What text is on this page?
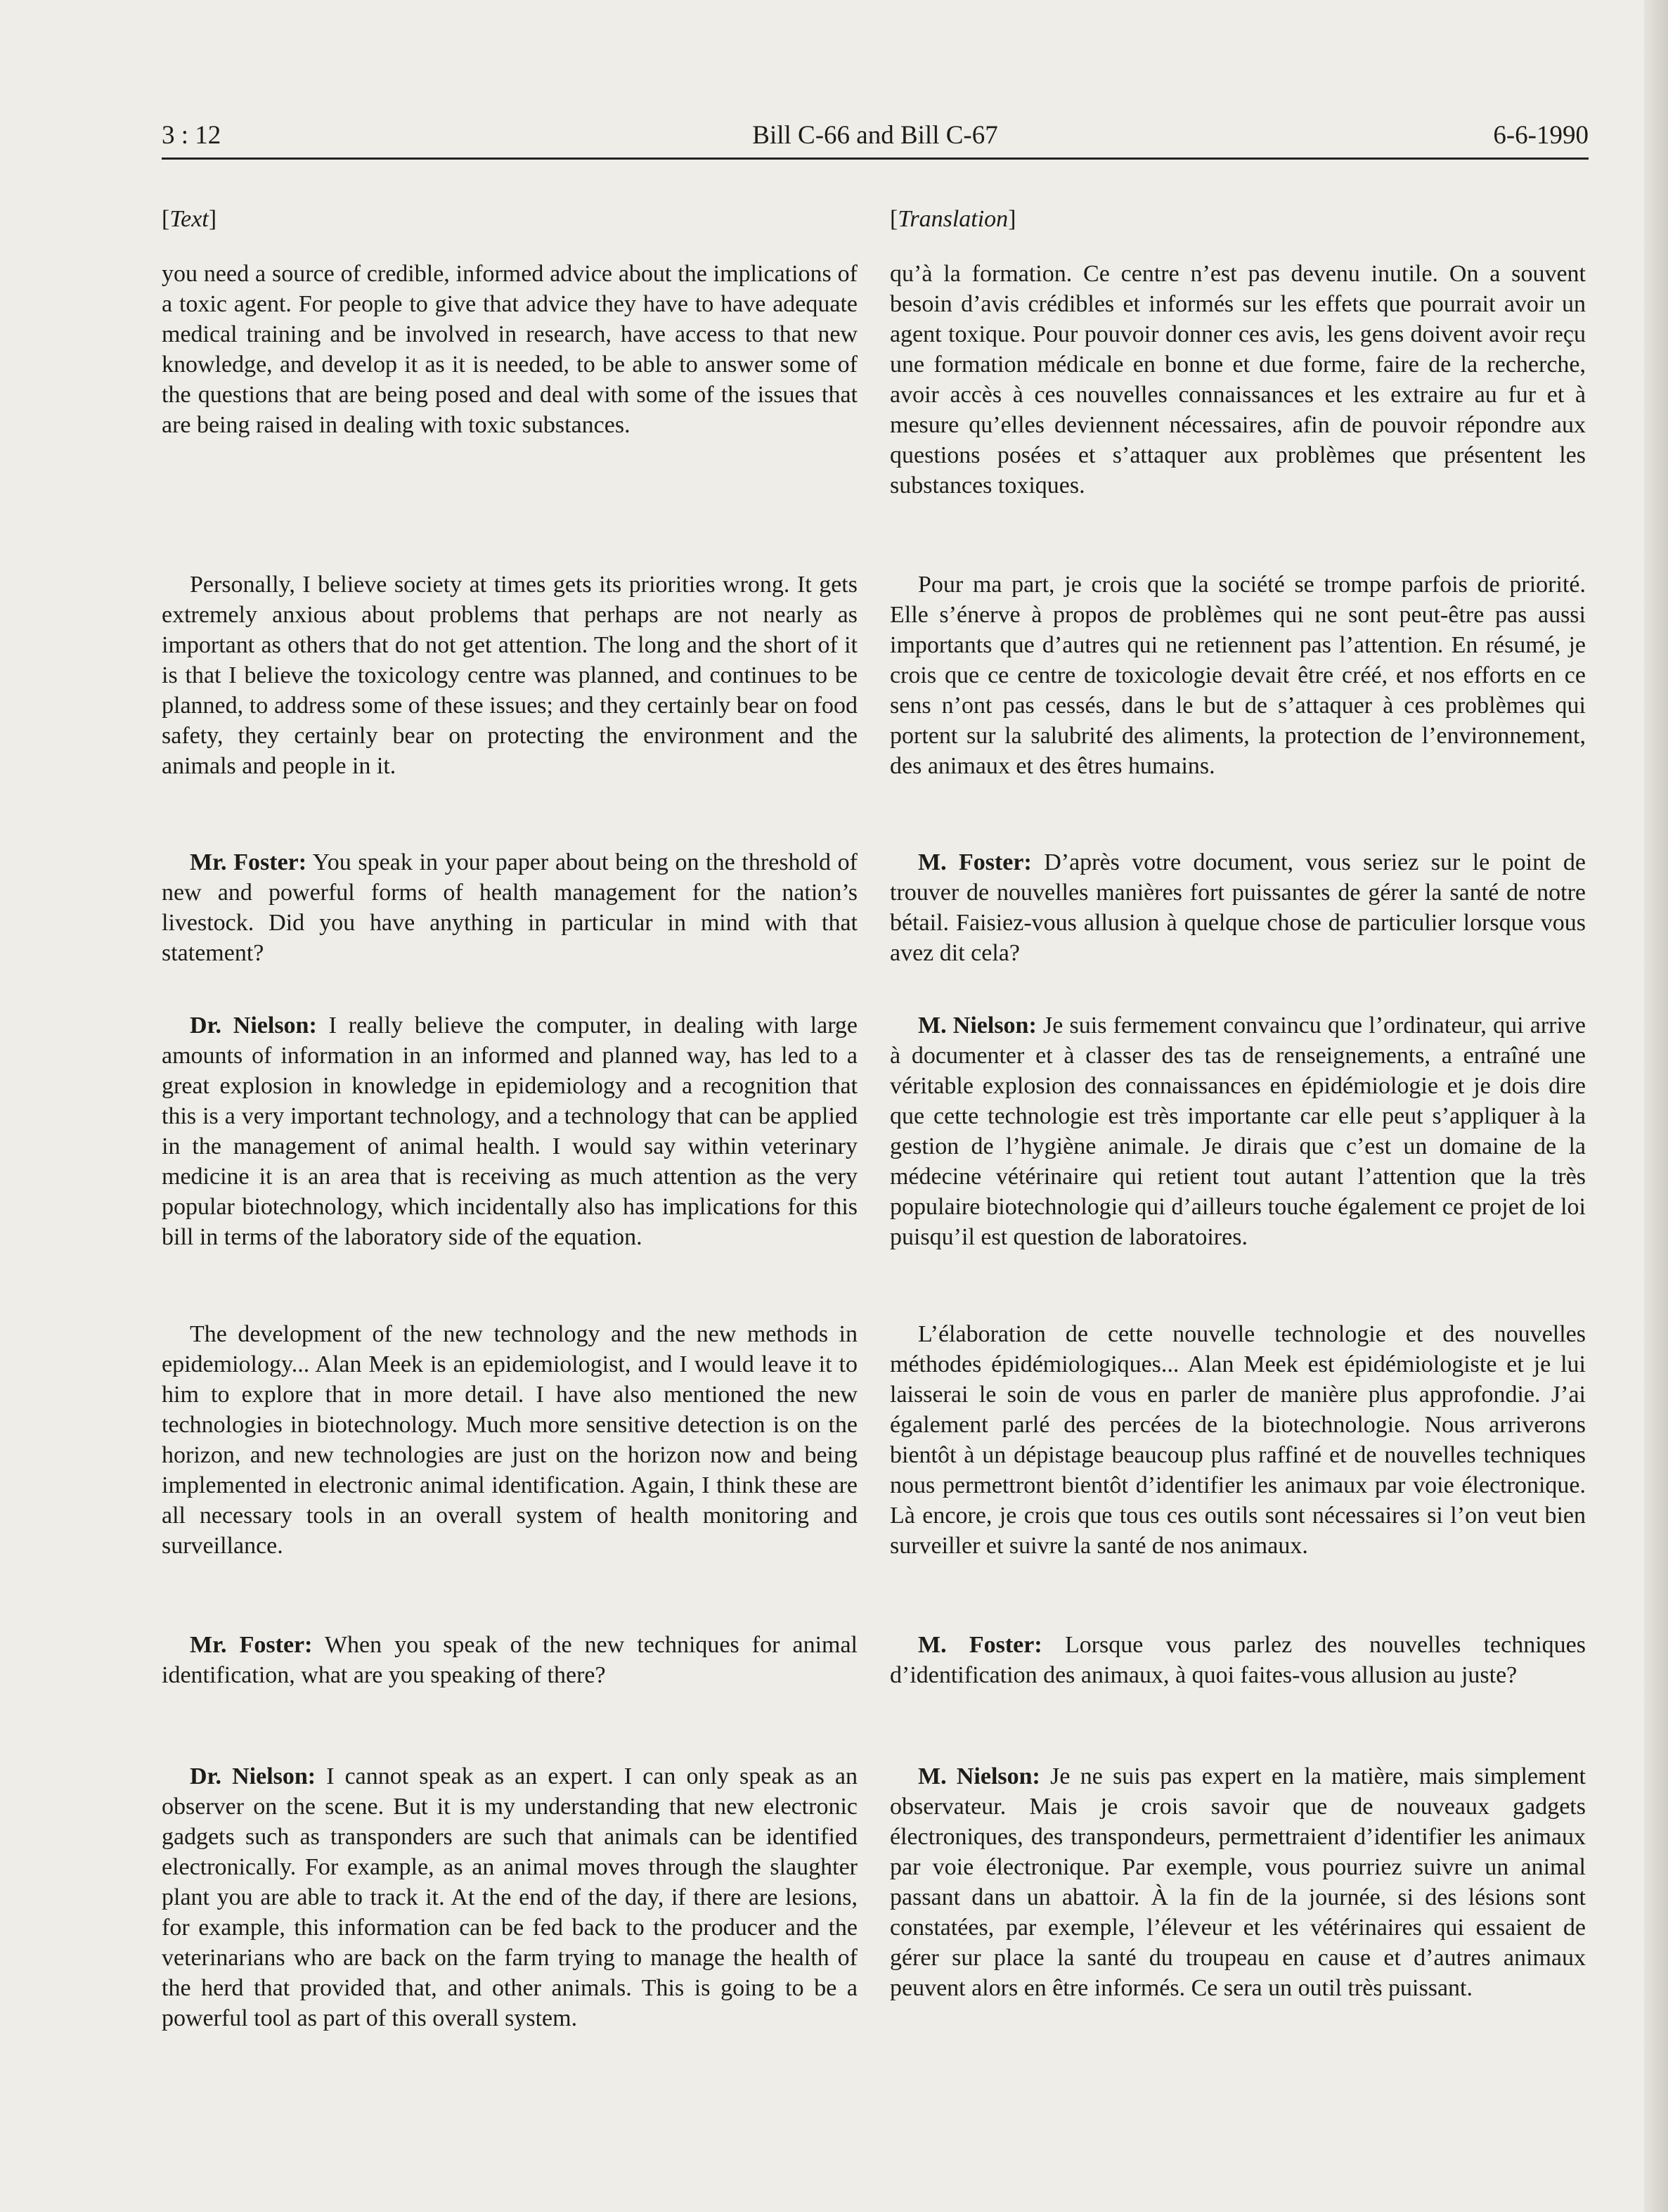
3 : 12	Bill C-66 and Bill C-67	6-6-1990
[Text]	[Translation]

you need a source of credible, informed advice about the implications of a toxic agent. For people to give that advice they have to have adequate medical training and be involved in research, have access to that new knowledge, and develop it as it is needed, to be able to answer some of the questions that are being posed and deal with some of the issues that are being raised in dealing with toxic substances.

Personally, I believe society at times gets its priorities wrong. It gets extremely anxious about problems that perhaps are not nearly as important as others that do not get attention. The long and the short of it is that I believe the toxicology centre was planned, and continues to be planned, to address some of these issues; and they certainly bear on food safety, they certainly bear on protecting the environment and the animals and people in it.

Mr. Foster: You speak in your paper about being on the threshold of new and powerful forms of health management for the nation’s livestock. Did you have anything in particular in mind with that statement?

Dr. Nielson: I really believe the computer, in dealing with large amounts of information in an informed and planned way, has led to a great explosion in knowledge in epidemiology and a recognition that this is a very important technology, and a technology that can be applied in the management of animal health. I would say within veterinary medicine it is an area that is receiving as much attention as the very popular biotechnology, which incidentally also has implications for this bill in terms of the laboratory side of the equation.

The development of the new technology and the new methods in epidemiology... Alan Meek is an epidemiologist, and I would leave it to him to explore that in more detail. I have also mentioned the new technologies in biotechnology. Much more sensitive detection is on the horizon, and new technologies are just on the horizon now and being implemented in electronic animal identification. Again, I think these are all necessary tools in an overall system of health monitoring and surveillance.

Mr. Foster: When you speak of the new techniques for animal identification, what are you speaking of there?

Dr. Nielson: I cannot speak as an expert. I can only speak as an observer on the scene. But it is my understanding that new electronic gadgets such as transponders are such that animals can be identified electronically. For example, as an animal moves through the slaughter plant you are able to track it. At the end of the day, if there are lesions, for example, this information can be fed back to the producer and the veterinarians who are back on the farm trying to manage the health of the herd that provided that, and other animals. This is going to be a powerful tool as part of this overall system.

qu’à la formation. Ce centre n’est pas devenu inutile. On a souvent besoin d’avis crédibles et informés sur les effets que pourrait avoir un agent toxique. Pour pouvoir donner ces avis, les gens doivent avoir reçu une formation médicale en bonne et due forme, faire de la recherche, avoir accès à ces nouvelles connaissances et les extraire au fur et à mesure qu’elles deviennent nécessaires, afin de pouvoir répondre aux questions posées et s’attaquer aux problèmes que présentent les substances toxiques.

Pour ma part, je crois que la société se trompe parfois de priorité. Elle s’énerve à propos de problèmes qui ne sont peut-être pas aussi importants que d’autres qui ne retiennent pas l’attention. En résumé, je crois que ce centre de toxicologie devait être créé, et nos efforts en ce sens n’ont pas cessés, dans le but de s’attaquer à ces problèmes qui portent sur la salubrité des aliments, la protection de l’environnement, des animaux et des êtres humains.

M. Foster: D’après votre document, vous seriez sur le point de trouver de nouvelles manières fort puissantes de gérer la santé de notre bétail. Faisiez-vous allusion à quelque chose de particulier lorsque vous avez dit cela?

M. Nielson: Je suis fermement convaincu que l’ordinateur, qui arrive à documenter et à classer des tas de renseignements, a entraîné une véritable explosion des connaissances en épidémiologie et je dois dire que cette technologie est très importante car elle peut s’appliquer à la gestion de l’hygiène animale. Je dirais que c’est un domaine de la médecine vétérinaire qui retient tout autant l’attention que la très populaire biotechnologie qui d’ailleurs touche également ce projet de loi puisqu’il est question de laboratoires.

L’élaboration de cette nouvelle technologie et des nouvelles méthodes épidémiologiques... Alan Meek est épidémiologiste et je lui laisserai le soin de vous en parler de manière plus approfondie. J’ai également parlé des percées de la biotechnologie. Nous arriverons bientôt à un dépistage beaucoup plus raffiné et de nouvelles techniques nous permettront bientôt d’identifier les animaux par voie électronique. Là encore, je crois que tous ces outils sont nécessaires si l’on veut bien surveiller et suivre la santé de nos animaux.

M. Foster: Lorsque vous parlez des nouvelles techniques d’identification des animaux, à quoi faites-vous allusion au juste?

M. Nielson: Je ne suis pas expert en la matière, mais simplement observateur. Mais je crois savoir que de nouveaux gadgets électroniques, des transpondeurs, permettraient d’identifier les animaux par voie électronique. Par exemple, vous pourriez suivre un animal passant dans un abattoir. À la fin de la journée, si des lésions sont constatées, par exemple, l’éleveur et les vétérinaires qui essaient de gérer sur place la santé du troupeau en cause et d’autres animaux peuvent alors en être informés. Ce sera un outil très puissant.
